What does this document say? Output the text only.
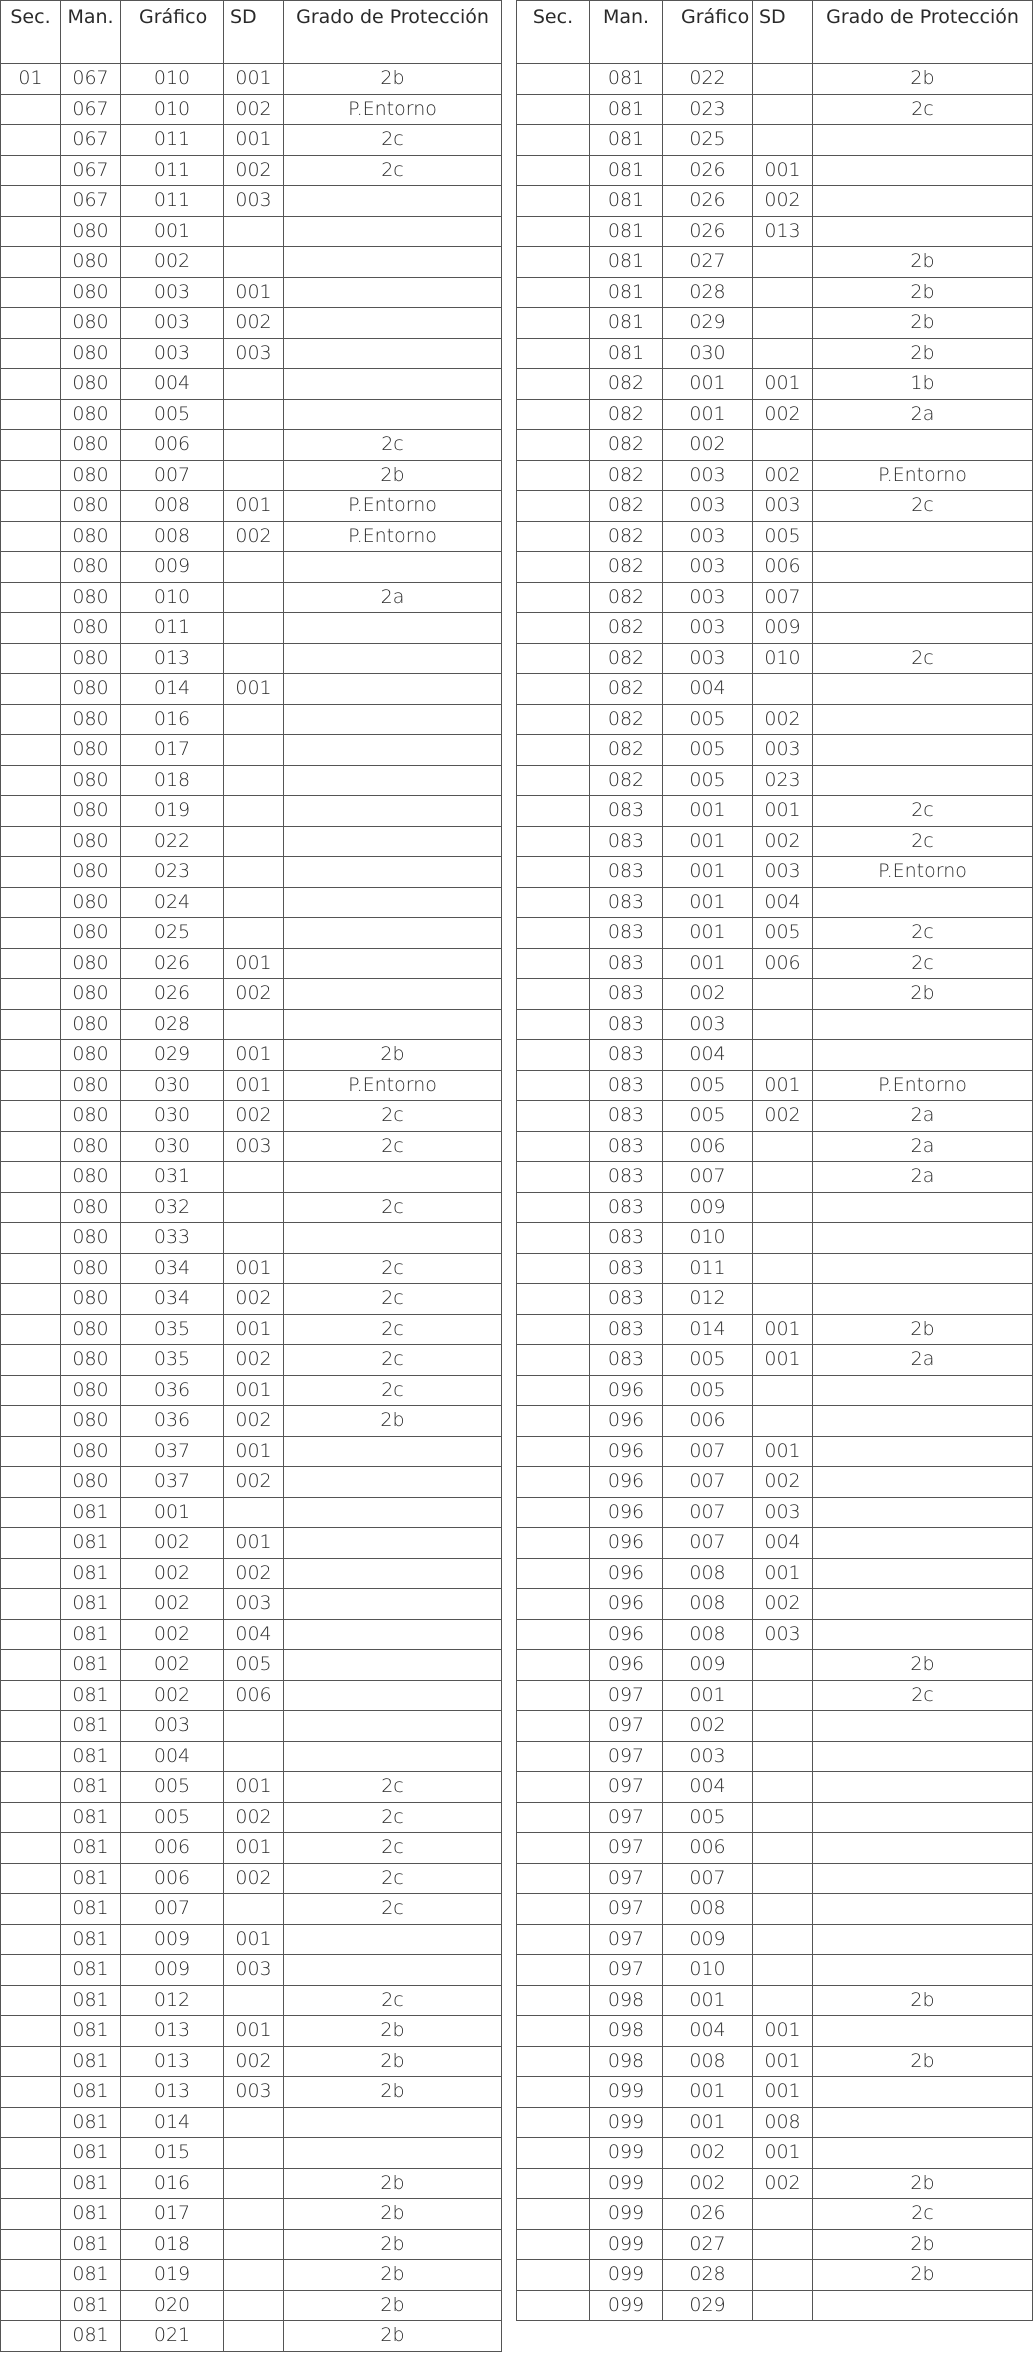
Sec.	Man.	Gráfico	SD	Grado de Protección
01	067	010	001	2b
	067	010	002	P.Entorno
	067	011	001	2c
	067	011	002	2c
	067	011	003	
	080	001		
	080	002		
	080	003	001	
	080	003	002	
	080	003	003	
	080	004		
	080	005		
	080	006		2c
	080	007		2b
	080	008	001	P.Entorno
	080	008	002	P.Entorno
	080	009		
	080	010		2a
	080	011		
	080	013		
	080	014	001	
	080	016		
	080	017		
	080	018		
	080	019		
	080	022		
	080	023		
	080	024		
	080	025		
	080	026	001	
	080	026	002	
	080	028		
	080	029	001	2b
	080	030	001	P.Entorno
	080	030	002	2c
	080	030	003	2c
	080	031		
	080	032		2c
	080	033		
	080	034	001	2c
	080	034	002	2c
	080	035	001	2c
	080	035	002	2c
	080	036	001	2c
	080	036	002	2b
	080	037	001	
	080	037	002	
	081	001		
	081	002	001	
	081	002	002	
	081	002	003	
	081	002	004	
	081	002	005	
	081	002	006	
	081	003		
	081	004		
	081	005	001	2c
	081	005	002	2c
	081	006	001	2c
	081	006	002	2c
	081	007		2c
	081	009	001	
	081	009	003	
	081	012		2c
	081	013	001	2b
	081	013	002	2b
	081	013	003	2b
	081	014		
	081	015		
	081	016		2b
	081	017		2b
	081	018		2b
	081	019		2b
	081	020		2b
	081	021		2b
Sec.	Man.	Gráfico	SD	Grado de Protección
	081	022		2b
	081	023		2c
	081	025		
	081	026	001	
	081	026	002	
	081	026	013	
	081	027		2b
	081	028		2b
	081	029		2b
	081	030		2b
	082	001	001	1b
	082	001	002	2a
	082	002		
	082	003	002	P.Entorno
	082	003	003	2c
	082	003	005	
	082	003	006	
	082	003	007	
	082	003	009	
	082	003	010	2c
	082	004		
	082	005	002	
	082	005	003	
	082	005	023	
	083	001	001	2c
	083	001	002	2c
	083	001	003	P.Entorno
	083	001	004	
	083	001	005	2c
	083	001	006	2c
	083	002		2b
	083	003		
	083	004		
	083	005	001	P.Entorno
	083	005	002	2a
	083	006		2a
	083	007		2a
	083	009		
	083	010		
	083	011		
	083	012		
	083	014	001	2b
	083	005	001	2a
	096	005		
	096	006		
	096	007	001	
	096	007	002	
	096	007	003	
	096	007	004	
	096	008	001	
	096	008	002	
	096	008	003	
	096	009		2b
	097	001		2c
	097	002		
	097	003		
	097	004		
	097	005		
	097	006		
	097	007		
	097	008		
	097	009		
	097	010		
	098	001		2b
	098	004	001	
	098	008	001	2b
	099	001	001	
	099	001	008	
	099	002	001	
	099	002	002	2b
	099	026		2c
	099	027		2b
	099	028		2b
	099	029		
